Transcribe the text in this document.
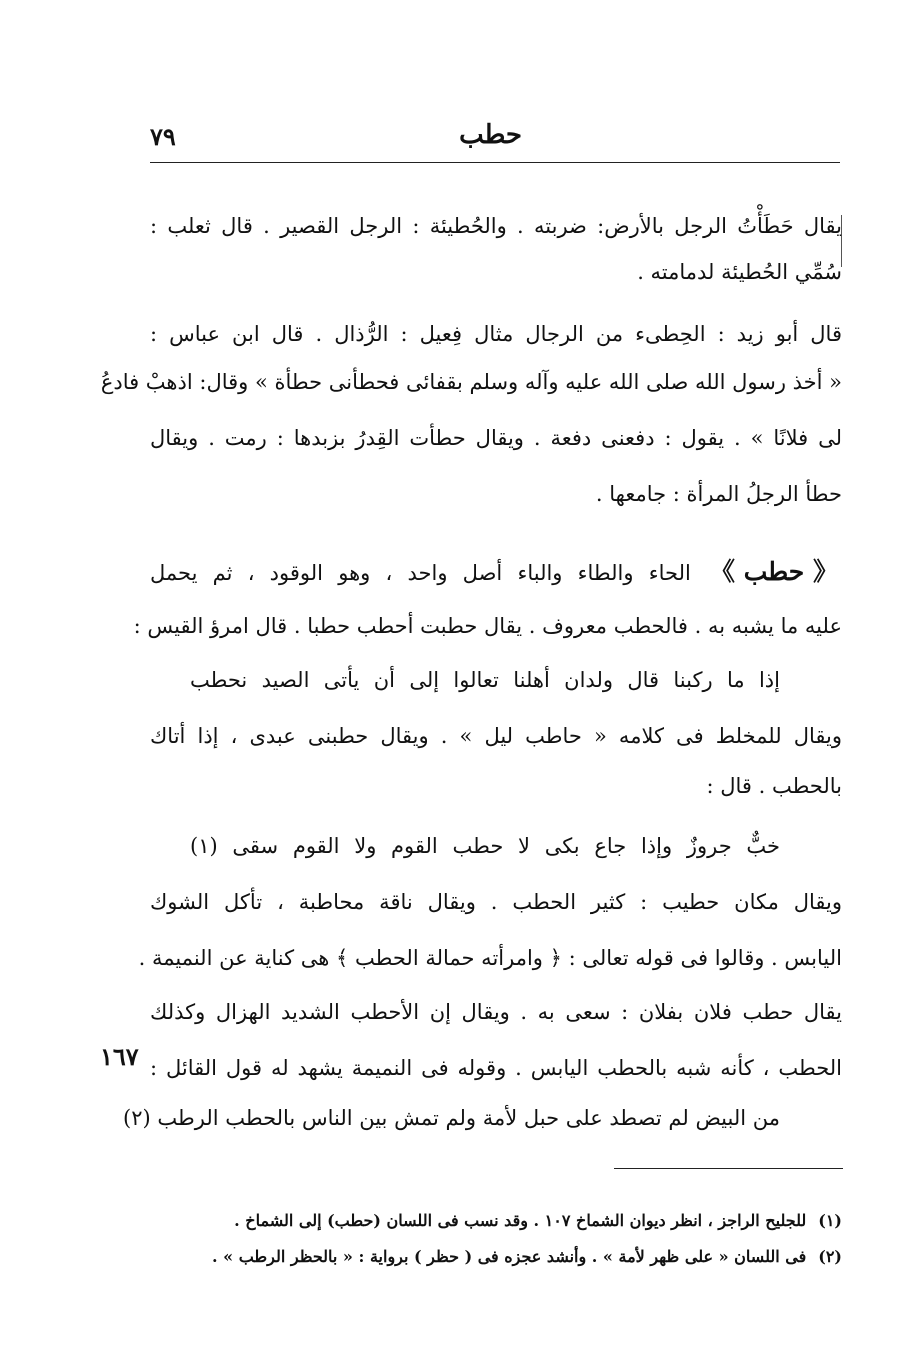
حطب
٧٩
يقال حَطَأْتُ الرجل بالأرض: ضربته . والحُطيئة : الرجل القصير . قال ثعلب :
سُمِّي الحُطيئة لدمامته .
قال أبو زيد : الحِطىء من الرجال مثال فِعيل : الرُّذال . قال ابن عباس :
« أخذ رسول الله صلى الله عليه وآله وسلم بقفائى فحطأنى حطأة » وقال: اذهبْ فادعُ
لى فلانًا » . يقول : دفعنى دفعة . ويقال حطأت القِدرُ بزبدها : رمت . ويقال
حطأ الرجلُ المرأة : جامعها .
《 حطب 》 الحاء والطاء والباء أصل واحد ، وهو الوقود ، ثم يحمل
عليه ما يشبه به . فالحطب معروف . يقال حطبت أحطب حطبا . قال امرؤ القيس :
إذا ما ركبنا قال ولدان أهلنا تعالوا إلى أن يأتى الصيد نحطب
ويقال للمخلط فى كلامه « حاطب ليل » . ويقال حطبنى عبدى ، إذا أتاك
بالحطب . قال :
خبٌّ جروزٌ وإذا جاع بكى لا حطب القوم ولا القوم سقى (١)
ويقال مكان حطيب : كثير الحطب . ويقال ناقة محاطبة ، تأكل الشوك
اليابس . وقالوا فى قوله تعالى : ﴿ وامرأته حمالة الحطب ﴾ هى كناية عن النميمة .
يقال حطب فلان بفلان : سعى به . ويقال إن الأحطب الشديد الهزال وكذلك
الحطب ، كأنه شبه بالحطب اليابس . وقوله فى النميمة يشهد له قول القائل :
١٦٧
من البيض لم تصطد على حبل لأمة ولم تمش بين الناس بالحطب الرطب (٢)
(١)للجليح الراجز ، انظر ديوان الشماخ ١٠٧ . وقد نسب فى اللسان (حطب) إلى الشماخ .
(٢)فى اللسان « على ظهر لأمة » . وأنشد عجزه فى ( حظر ) برواية : « بالحظر الرطب » .
